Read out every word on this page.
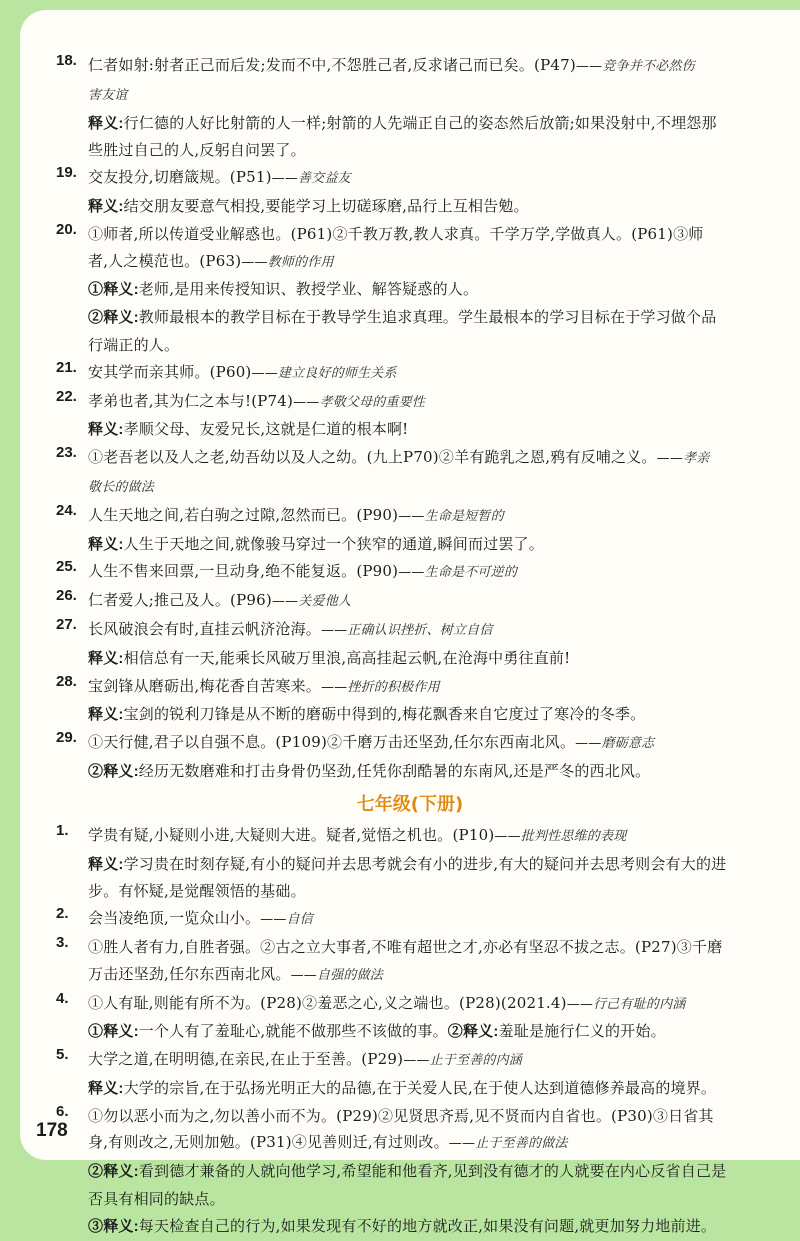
18. 仁者如射:射者正己而后发;发而不中,不怨胜己者,反求诸己而已矣。(P47)——竞争并不必然伤

害友谊

释义:行仁德的人好比射箭的人一样;射箭的人先端正自己的姿态然后放箭;如果没射中,不埋怨那

些胜过自己的人,反躬自问罢了。

19. 交友投分,切磨箴规。(P51)——善交益友

释义:结交朋友要意气相投,要能学习上切磋琢磨,品行上互相告勉。

20. ①师者,所以传道受业解惑也。(P61)②千教万教,教人求真。千学万学,学做真人。(P61)③师

者,人之模范也。(P63)——教师的作用

①释义:老师,是用来传授知识、教授学业、解答疑惑的人。

②释义:教师最根本的教学目标在于教导学生追求真理。学生最根本的学习目标在于学习做个品

行端正的人。

21. 安其学而亲其师。(P60)——建立良好的师生关系

22. 孝弟也者,其为仁之本与!(P74)——孝敬父母的重要性

释义:孝顺父母、友爱兄长,这就是仁道的根本啊!

23. ①老吾老以及人之老,幼吾幼以及人之幼。(九上P70)②羊有跪乳之恩,鸦有反哺之义。——孝亲

敬长的做法

24. 人生天地之间,若白驹之过隙,忽然而已。(P90)——生命是短暂的

释义:人生于天地之间,就像骏马穿过一个狭窄的通道,瞬间而过罢了。

25. 人生不售来回票,一旦动身,绝不能复返。(P90)——生命是不可逆的

26. 仁者爱人;推己及人。(P96)——关爱他人

27. 长风破浪会有时,直挂云帆济沧海。——正确认识挫折、树立自信

释义:相信总有一天,能乘长风破万里浪,高高挂起云帆,在沧海中勇往直前!

28. 宝剑锋从磨砺出,梅花香自苦寒来。——挫折的积极作用

释义:宝剑的锐利刀锋是从不断的磨砺中得到的,梅花飘香来自它度过了寒冷的冬季。

29. ①天行健,君子以自强不息。(P109)②千磨万击还坚劲,任尔东西南北风。——磨砺意志

②释义:经历无数磨难和打击身骨仍坚劲,任凭你刮酷暑的东南风,还是严冬的西北风。

七年级(下册)
1. 学贵有疑,小疑则小进,大疑则大进。疑者,觉悟之机也。(P10)——批判性思维的表现

释义:学习贵在时刻存疑,有小的疑问并去思考就会有小的进步,有大的疑问并去思考则会有大的进

步。有怀疑,是觉醒领悟的基础。

2. 会当凌绝顶,一览众山小。——自信

3. ①胜人者有力,自胜者强。②古之立大事者,不唯有超世之才,亦必有坚忍不拔之志。(P27)③千磨

万击还坚劲,任尔东西南北风。——自强的做法

4. ①人有耻,则能有所不为。(P28)②羞恶之心,义之端也。(P28)(2021.4)——行己有耻的内涵

①释义:一个人有了羞耻心,就能不做那些不该做的事。②释义:羞耻是施行仁义的开始。

5. 大学之道,在明明德,在亲民,在止于至善。(P29)——止于至善的内涵

释义:大学的宗旨,在于弘扬光明正大的品德,在于关爱人民,在于使人达到道德修养最高的境界。

6. ①勿以恶小而为之,勿以善小而不为。(P29)②见贤思齐焉,见不贤而内自省也。(P30)③日省其

身,有则改之,无则加勉。(P31)④见善则迁,有过则改。——止于至善的做法

②释义:看到德才兼备的人就向他学习,希望能和他看齐,见到没有德才的人就要在内心反省自己是

否具有相同的缺点。

③释义:每天检查自己的行为,如果发现有不好的地方就改正,如果没有问题,就更加努力地前进。

178
